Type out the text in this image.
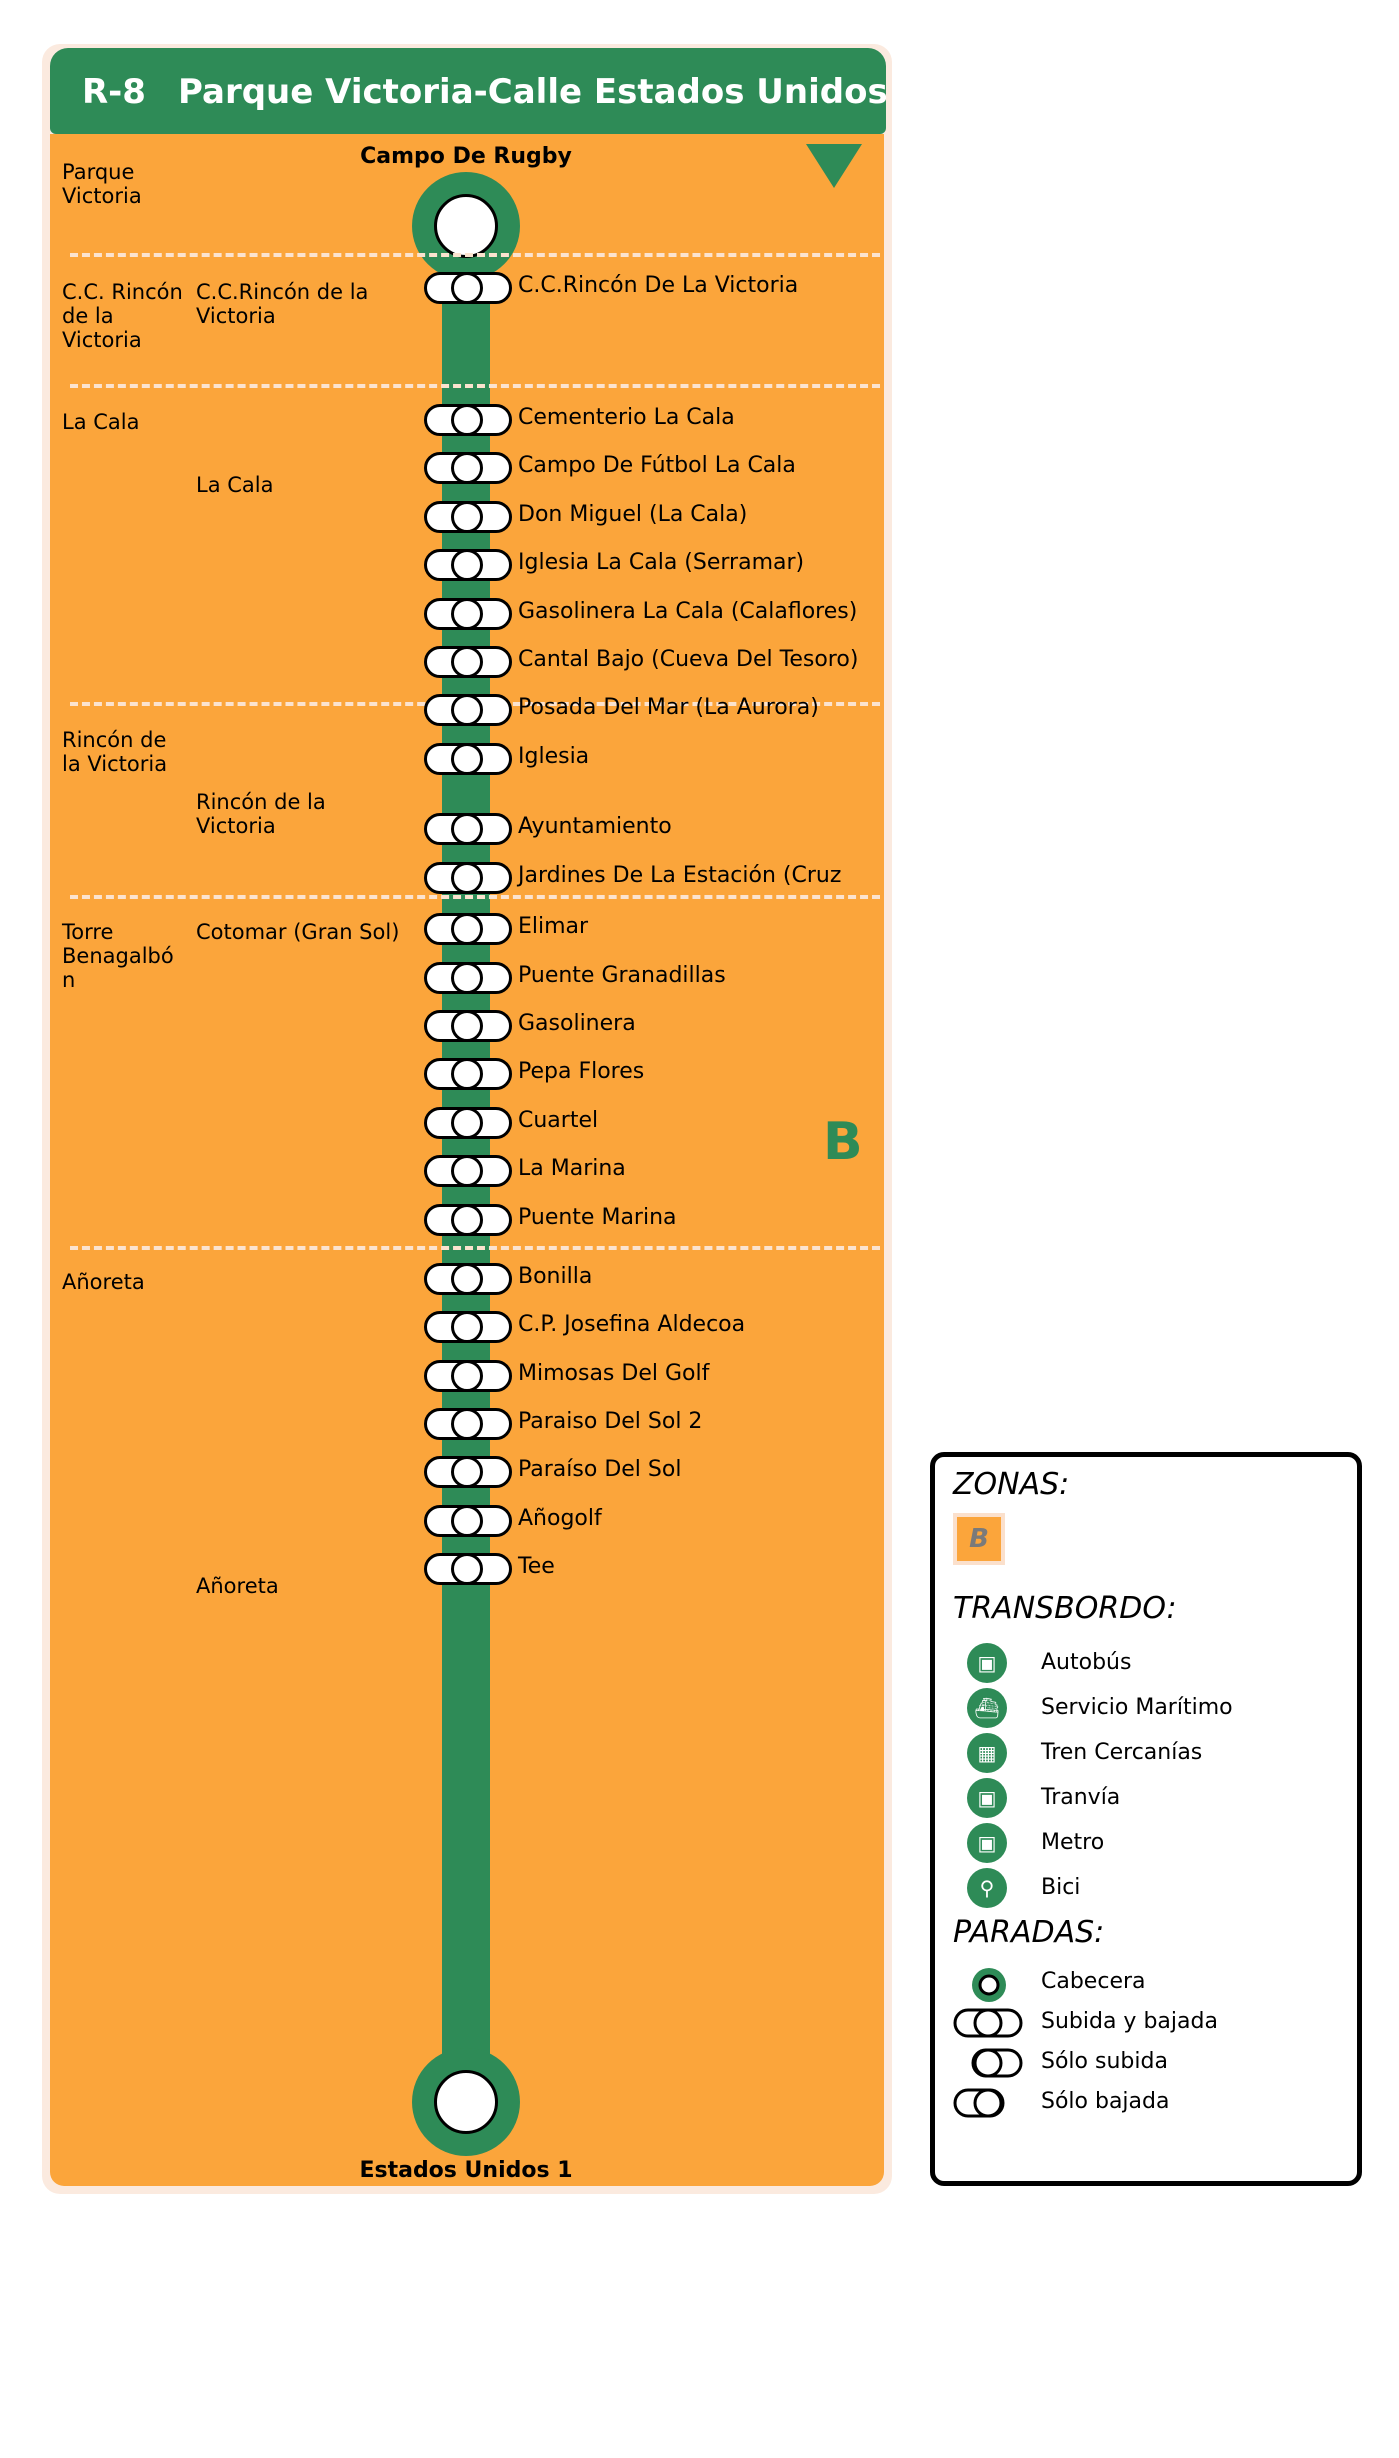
R-8 Parque Victoria-Calle Estados Unidos
B
Campo De Rugby
Estados Unidos 1
Parque Victoria
C.C. Rincón de la Victoria
La Cala
Rincón de la Victoria
Torre Benagalbó n
Añoreta
C.C.Rincón de la Victoria
La Cala
Rincón de la Victoria
Cotomar (Gran Sol)
Añoreta
C.C.Rincón De La Victoria
Cementerio La Cala
Campo De Fútbol La Cala
Don Miguel (La Cala)
Iglesia La Cala (Serramar)
Gasolinera La Cala (Calaflores)
Cantal Bajo (Cueva Del Tesoro)
Posada Del Mar (La Aurora)
Iglesia
Ayuntamiento
Jardines De La Estación (Cruz
Elimar
Puente Granadillas
Gasolinera
Pepa Flores
Cuartel
La Marina
Puente Marina
Bonilla
C.P. Josefina Aldecoa
Mimosas Del Golf
Paraiso Del Sol 2
Paraíso Del Sol
Añogolf
Tee
ZONAS:
B
TRANSBORDO:
▣	Autobús
⛴	Servicio Marítimo
▦	Tren Cercanías
▣	Tranvía
▣	Metro
⚲	Bici
PARADAS:
Cabecera
Subida y bajada
Sólo subida
Sólo bajada
